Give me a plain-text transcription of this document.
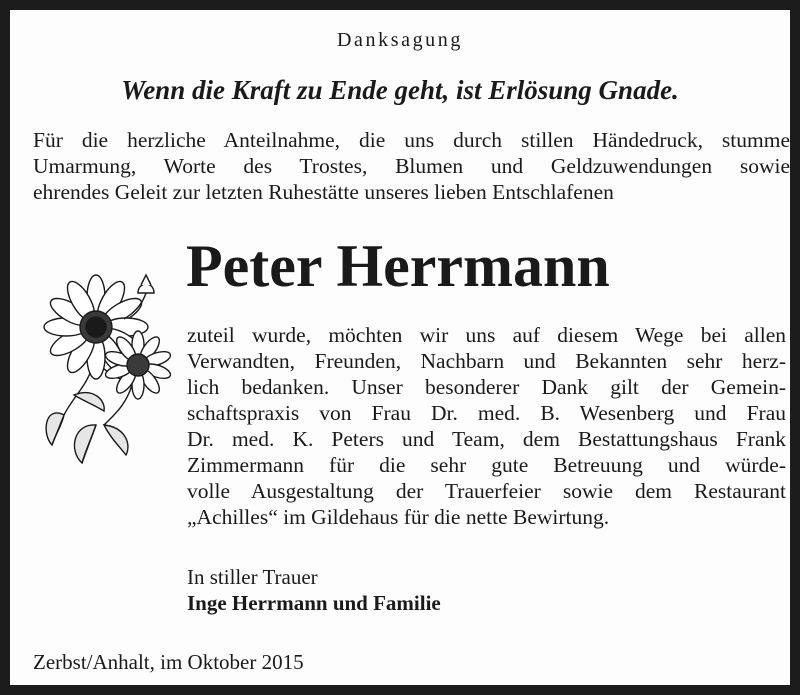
Danksagung
Wenn die Kraft zu Ende geht, ist Erlösung Gnade.
Für die herzliche Anteilnahme, die uns durch stillen Händedruck, stumme
Umarmung, Worte des Trostes, Blumen und Geldzuwendungen sowie
ehrendes Geleit zur letzten Ruhestätte unseres lieben Entschlafenen
Peter Herrmann
zuteil wurde, möchten wir uns auf diesem Wege bei allen
Verwandten, Freunden, Nachbarn und Bekannten sehr herz-
lich bedanken. Unser besonderer Dank gilt der Gemein-
schaftspraxis von Frau Dr. med. B. Wesenberg und Frau
Dr. med. K. Peters und Team, dem Bestattungshaus Frank
Zimmermann für die sehr gute Betreuung und würde-
volle Ausgestaltung der Trauerfeier sowie dem Restaurant
„Achilles“ im Gildehaus für die nette Bewirtung.
In stiller Trauer
Inge Herrmann und Familie
Zerbst/Anhalt, im Oktober 2015
